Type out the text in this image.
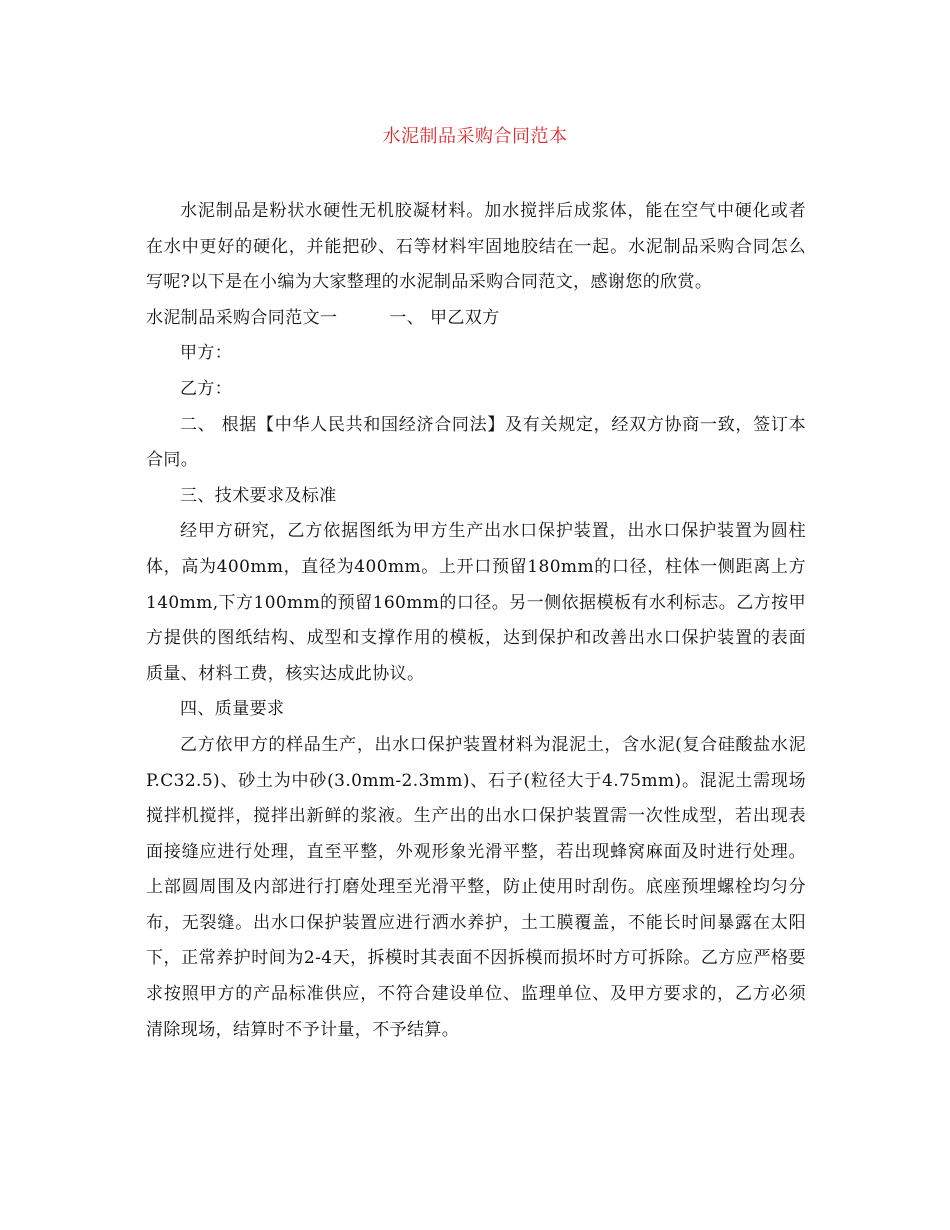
水泥制品采购合同范本

水泥制品是粉状水硬性无机胶凝材料。加水搅拌后成浆体，能在空气中硬化或者在水中更好的硬化，并能把砂、石等材料牢固地胶结在一起。水泥制品采购合同怎么写呢?以下是在小编为大家整理的水泥制品采购合同范文，感谢您的欣赏。

水泥制品采购合同范文一	一、 甲乙双方

甲方：

乙方：

二、 根据【中华人民共和国经济合同法】及有关规定，经双方协商一致，签订本合同。

三、技术要求及标准

经甲方研究，乙方依据图纸为甲方生产出水口保护装置，出水口保护装置为圆柱体，高为400mm，直径为400mm。上开口预留180mm的口径，柱体一侧距离上方140mm,下方100mm的预留160mm的口径。另一侧依据模板有水利标志。乙方按甲方提供的图纸结构、成型和支撑作用的模板，达到保护和改善出水口保护装置的表面质量、材料工费，核实达成此协议。

四、质量要求

乙方依甲方的样品生产，出水口保护装置材料为混泥土，含水泥(复合硅酸盐水泥P.C32.5)、砂土为中砂(3.0mm-2.3mm)、石子(粒径大于4.75mm)。混泥土需现场搅拌机搅拌，搅拌出新鲜的浆液。生产出的出水口保护装置需一次性成型，若出现表面接缝应进行处理，直至平整，外观形象光滑平整，若出现蜂窝麻面及时进行处理。上部圆周围及内部进行打磨处理至光滑平整，防止使用时刮伤。底座预埋螺栓均匀分布，无裂缝。出水口保护装置应进行洒水养护，土工膜覆盖，不能长时间暴露在太阳下，正常养护时间为2-4天，拆模时其表面不因拆模而损坏时方可拆除。乙方应严格要求按照甲方的产品标准供应，不符合建设单位、监理单位、及甲方要求的，乙方必须清除现场，结算时不予计量，不予结算。
